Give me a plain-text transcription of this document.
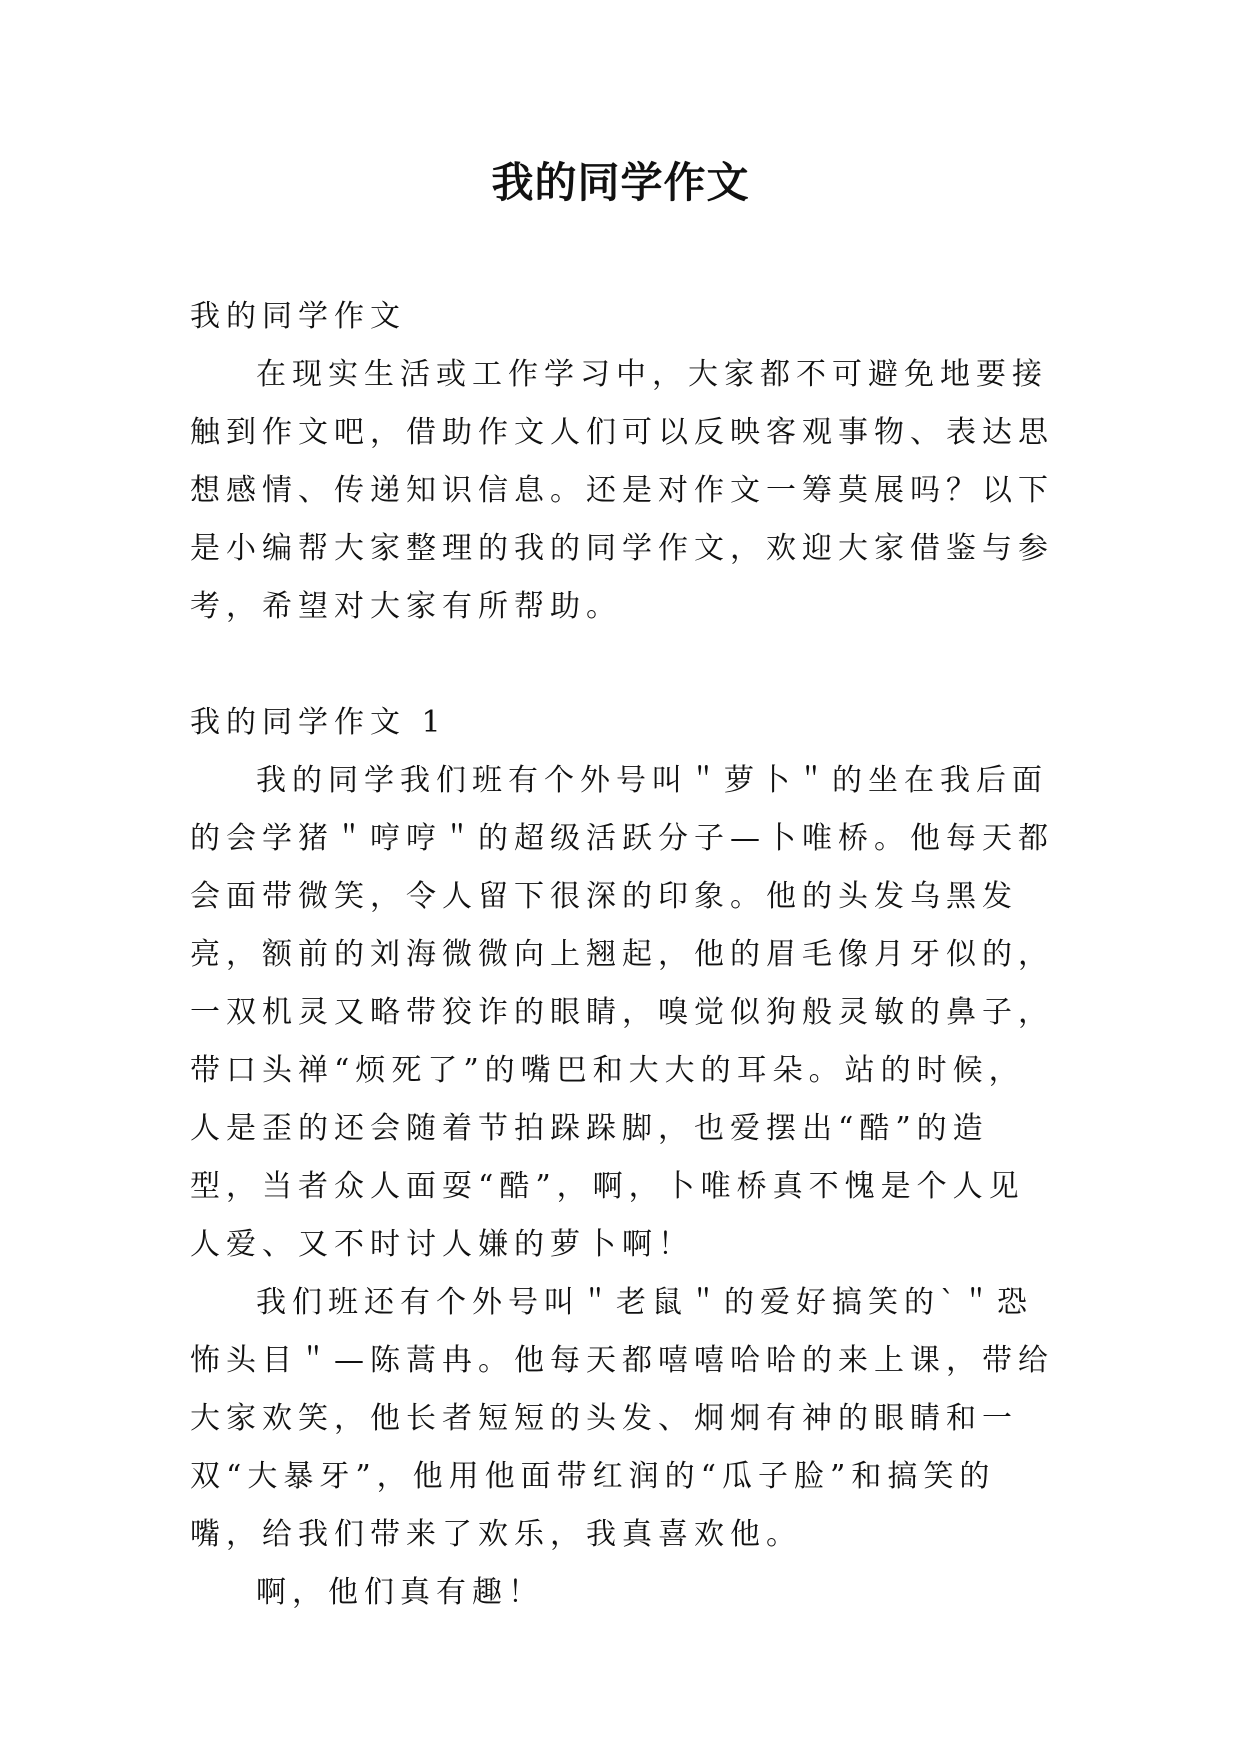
我的同学作文

我的同学作文

在现实生活或工作学习中，大家都不可避免地要接触到作文吧，借助作文人们可以反映客观事物、表达思想感情、传递知识信息。还是对作文一筹莫展吗？以下是小编帮大家整理的我的同学作文，欢迎大家借鉴与参考，希望对大家有所帮助。

我的同学作文 1

我的同学我们班有个外号叫＂萝卜＂的坐在我后面的会学猪＂哼哼＂的超级活跃分子—卜唯桥。他每天都会面带微笑，令人留下很深的印象。他的头发乌黑发亮，额前的刘海微微向上翘起，他的眉毛像月牙似的，一双机灵又略带狡诈的眼睛，嗅觉似狗般灵敏的鼻子，带口头禅“烦死了”的嘴巴和大大的耳朵。站的时候，人是歪的还会随着节拍跺跺脚，也爱摆出“酷”的造型，当者众人面耍“酷”，啊，卜唯桥真不愧是个人见人爱、又不时讨人嫌的萝卜啊！

我们班还有个外号叫＂老鼠＂的爱好搞笑的`＂恐怖头目＂—陈蒿冉。他每天都嘻嘻哈哈的来上课，带给大家欢笑，他长者短短的头发、炯炯有神的眼睛和一双“大暴牙”，他用他面带红润的“瓜子脸”和搞笑的嘴，给我们带来了欢乐，我真喜欢他。

啊，他们真有趣！
